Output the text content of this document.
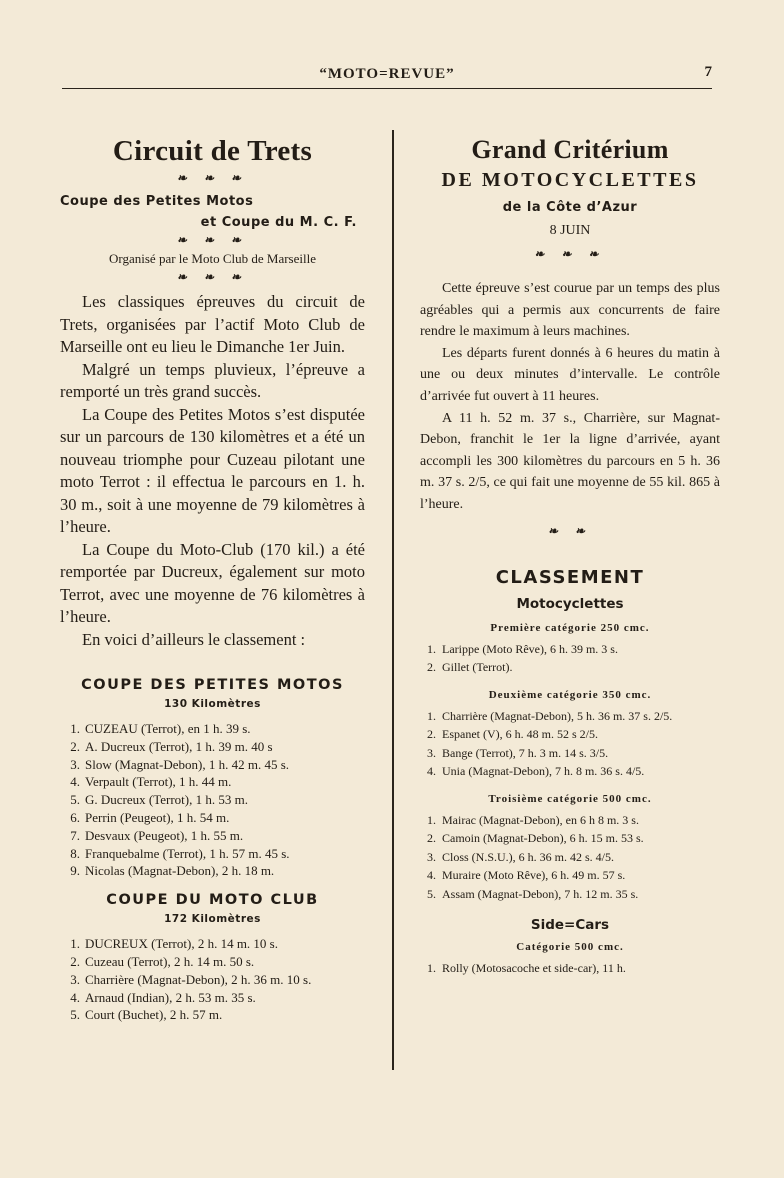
“MOTO=REVUE”	7
Circuit de Trets
❧ ❧ ❧
Coupe des Petites Motos
et Coupe du M. C. F.
❧ ❧ ❧
Organisé par le Moto Club de Marseille
❧ ❧ ❧

Les classiques épreuves du circuit de Trets, organisées par l’actif Moto Club de Marseille ont eu lieu le Dimanche 1er Juin.

Malgré un temps pluvieux, l’épreuve a remporté un très grand succès.

La Coupe des Petites Motos s’est disputée sur un parcours de 130 kilomètres et a été un nouveau triomphe pour Cuzeau pilotant une moto Terrot : il effectua le parcours en 1. h. 30 m., soit à une moyenne de 79 kilomètres à l’heure.

La Coupe du Moto-Club (170 kil.) a été remportée par Ducreux, également sur moto Terrot, avec une moyenne de 76 kilomètres à l’heure.

En voici d’ailleurs le classement :

COUPE DES PETITES MOTOS
130 Kilomètres
1. CUZEAU (Terrot), en 1 h. 39 s.
2. A. Ducreux (Terrot), 1 h. 39 m. 40 s
3. Slow (Magnat-Debon), 1 h. 42 m. 45 s.
4. Verpault (Terrot), 1 h. 44 m.
5. G. Ducreux (Terrot), 1 h. 53 m.
6. Perrin (Peugeot), 1 h. 54 m.
7. Desvaux (Peugeot), 1 h. 55 m.
8. Franquebalme (Terrot), 1 h. 57 m. 45 s.
9. Nicolas (Magnat-Debon), 2 h. 18 m.
COUPE DU MOTO CLUB
172 Kilomètres
1. DUCREUX (Terrot), 2 h. 14 m. 10 s.
2. Cuzeau (Terrot), 2 h. 14 m. 50 s.
3. Charrière (Magnat-Debon), 2 h. 36 m. 10 s.
4. Arnaud (Indian), 2 h. 53 m. 35 s.
5. Court (Buchet), 2 h. 57 m.
Grand Critérium
DE MOTOCYCLETTES
de la Côte d’Azur
8 JUIN
❧ ❧ ❧

Cette épreuve s’est courue par un temps des plus agréables qui a permis aux concurrents de faire rendre le maximum à leurs machines.

Les départs furent donnés à 6 heures du matin à une ou deux minutes d’intervalle. Le contrôle d’arrivée fut ouvert à 11 heures.

A 11 h. 52 m. 37 s., Charrière, sur Magnat-Debon, franchit le 1er la ligne d’arrivée, ayant accompli les 300 kilomètres du parcours en 5 h. 36 m. 37 s. 2/5, ce qui fait une moyenne de 55 kil. 865 à l’heure.

❧ ❧
CLASSEMENT
Motocyclettes
Première catégorie 250 cmc.
1. Larippe (Moto Rêve), 6 h. 39 m. 3 s.
2. Gillet (Terrot).
Deuxième catégorie 350 cmc.
1. Charrière (Magnat-Debon), 5 h. 36 m. 37 s. 2/5.
2. Espanet (V), 6 h. 48 m. 52 s 2/5.
3. Bange (Terrot), 7 h. 3 m. 14 s. 3/5.
4. Unia (Magnat-Debon), 7 h. 8 m. 36 s. 4/5.
Troisième catégorie 500 cmc.
1. Mairac (Magnat-Debon), en 6 h 8 m. 3 s.
2. Camoin (Magnat-Debon), 6 h. 15 m. 53 s.
3. Closs (N.S.U.), 6 h. 36 m. 42 s. 4/5.
4. Muraire (Moto Rêve), 6 h. 49 m. 57 s.
5. Assam (Magnat-Debon), 7 h. 12 m. 35 s.
Side=Cars
Catégorie 500 cmc.
1. Rolly (Motosacoche et side-car), 11 h.
